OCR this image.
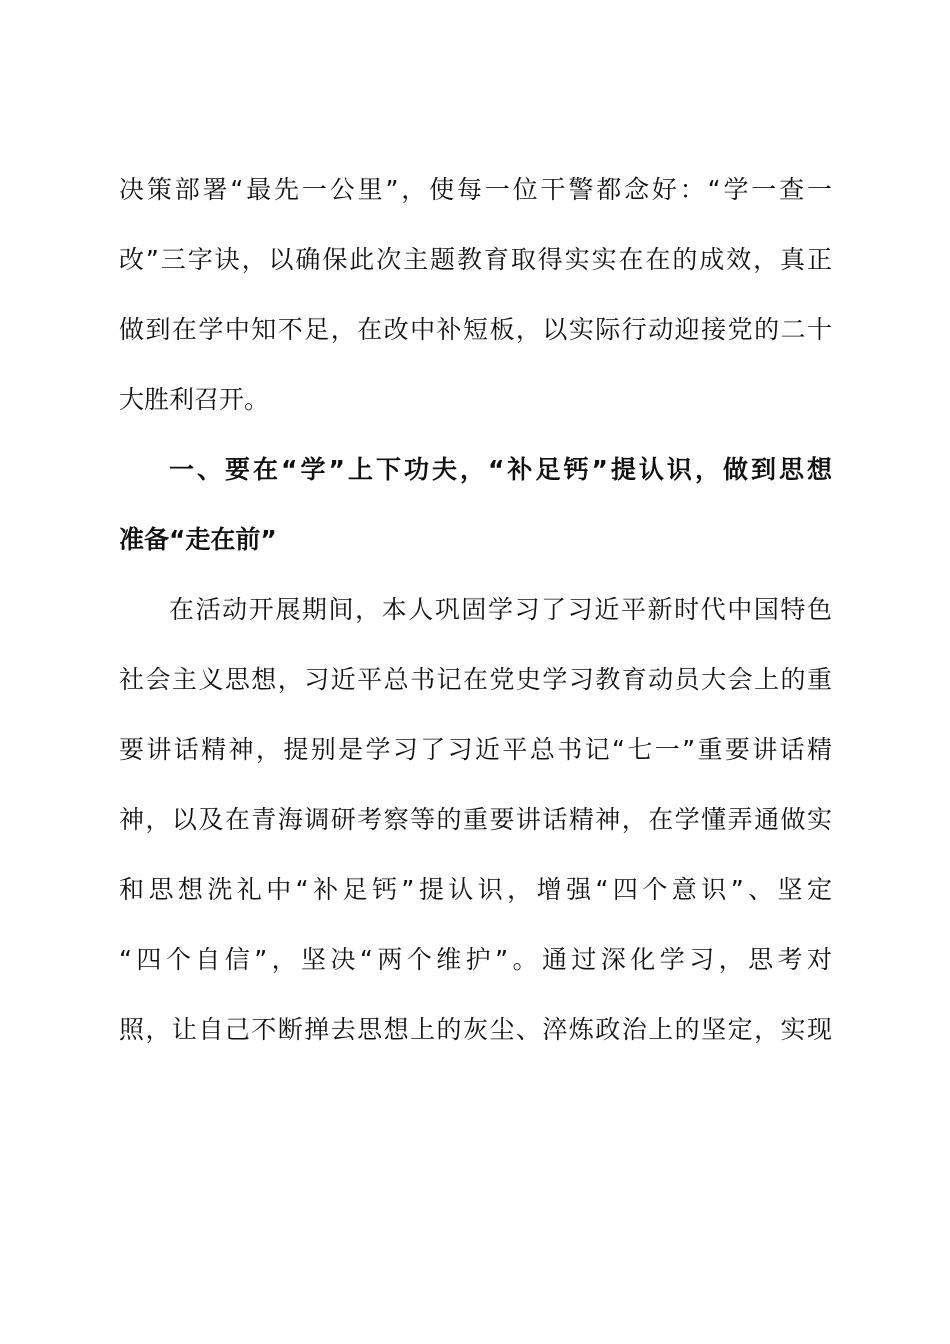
决策部署“最先一公里”，使每一位干警都念好：“学一查一
改”三字诀，以确保此次主题教育取得实实在在的成效，真正
做到在学中知不足，在改中补短板，以实际行动迎接党的二十
大胜利召开。
一、要在“学”上下功夫，“补足钙”提认识，做到思想
准备“走在前”
在活动开展期间，本人巩固学习了习近平新时代中国特色
社会主义思想，习近平总书记在党史学习教育动员大会上的重
要讲话精神，提别是学习了习近平总书记“七一”重要讲话精
神，以及在青海调研考察等的重要讲话精神，在学懂弄通做实
和思想洗礼中“补足钙”提认识，增强“四个意识”、坚定
“四个自信”，坚决“两个维护”。通过深化学习，思考对
照，让自己不断掸去思想上的灰尘、淬炼政治上的坚定，实现
